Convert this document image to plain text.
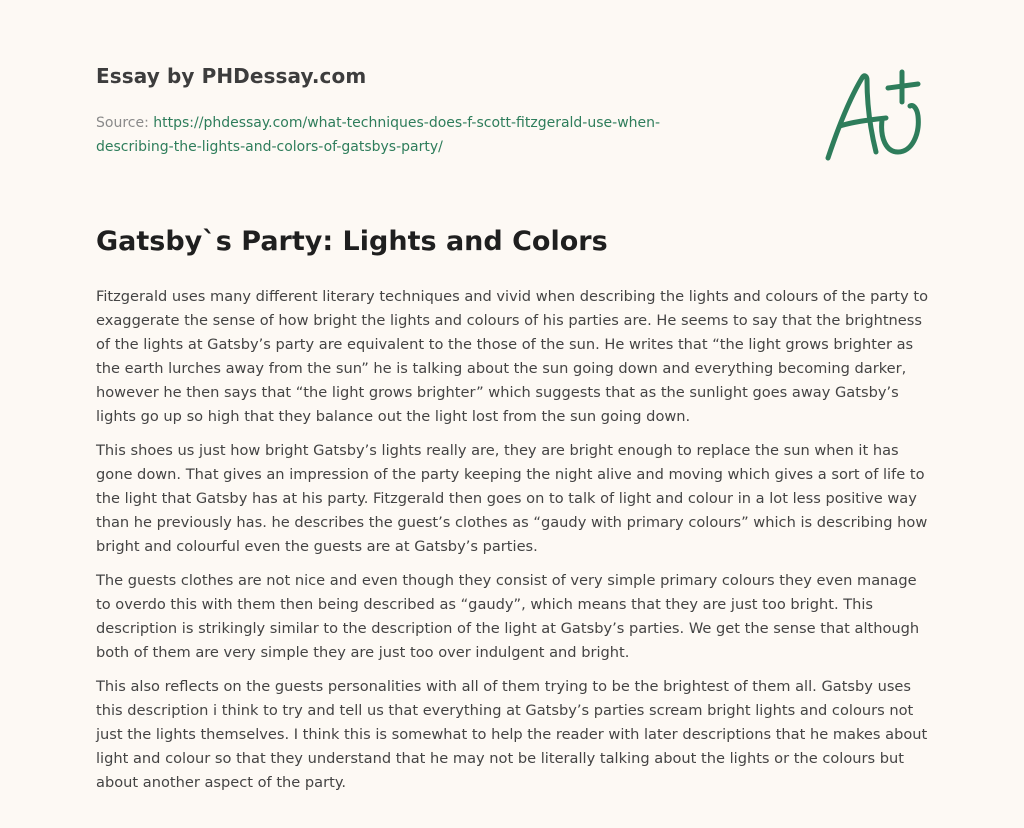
Essay by PHDessay.com
Source: https://phdessay.com/what-techniques-does-f-scott-fitzgerald-use-when-
describing-the-lights-and-colors-of-gatsbys-party/
Gatsby`s Party: Lights and Colors

Fitzgerald uses many different literary techniques and vivid when describing the lights and colours of the party to exaggerate the sense of how bright the lights and colours of his parties are. He seems to say that the brightness of the lights at Gatsby’s party are equivalent to the those of the sun. He writes that “the light grows brighter as the earth lurches away from the sun” he is talking about the sun going down and everything becoming darker, however he then says that “the light grows brighter” which suggests that as the sunlight goes away Gatsby’s lights go up so high that they balance out the light lost from the sun going down.

This shoes us just how bright Gatsby’s lights really are, they are bright enough to replace the sun when it has gone down. That gives an impression of the party keeping the night alive and moving which gives a sort of life to the light that Gatsby has at his party. Fitzgerald then goes on to talk of light and colour in a lot less positive way than he previously has. he describes the guest’s clothes as “gaudy with primary colours” which is describing how bright and colourful even the guests are at Gatsby’s parties.

The guests clothes are not nice and even though they consist of very simple primary colours they even manage to overdo this with them then being described as “gaudy”, which means that they are just too bright. This description is strikingly similar to the description of the light at Gatsby’s parties. We get the sense that although both of them are very simple they are just too over indulgent and bright.

This also reflects on the guests personalities with all of them trying to be the brightest of them all. Gatsby uses this description i think to try and tell us that everything at Gatsby’s parties scream bright lights and colours not just the lights themselves. I think this is somewhat to help the reader with later descriptions that he makes about light and colour so that they understand that he may not be literally talking about the lights or the colours but about another aspect of the party.
